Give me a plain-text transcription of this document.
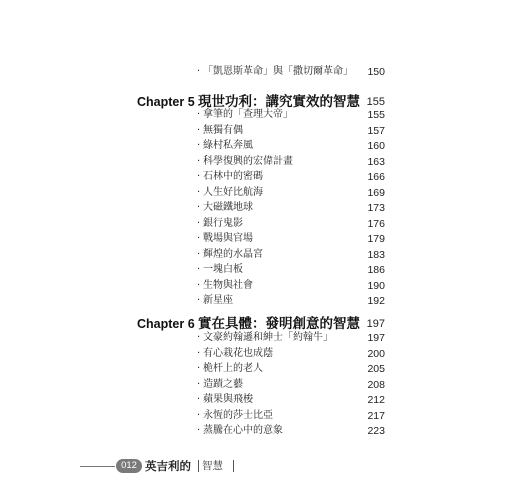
‧ 「凱恩斯革命」與「撒切爾革命」 150
Chapter 5 現世功利：講究實效的智慧 155
‧ 拿筆的「查理大帝」	155
‧ 無獨有偶	157
‧ 綠村私奔風	160
‧ 科學復興的宏偉計畫	163
‧ 石林中的密碼	166
‧ 人生好比航海	169
‧ 大磁鐵地球	173
‧ 銀行鬼影	176
‧ 戰場與官場	179
‧ 輝煌的水晶宮	183
‧ 一塊白板	186
‧ 生物與社會	190
‧ 新星座	192
Chapter 6 實在具體：發明創意的智慧 197
‧ 文豪約翰遜和紳士「約翰牛」	197
‧ 有心栽花也成蔭	200
‧ 桅杆上的老人	205
‧ 造蹟之藝	208
‧ 蘋果與飛梭	212
‧ 永恆的莎士比亞	217
‧ 蒸騰在心中的意象	223
012 英吉利的 智慧
